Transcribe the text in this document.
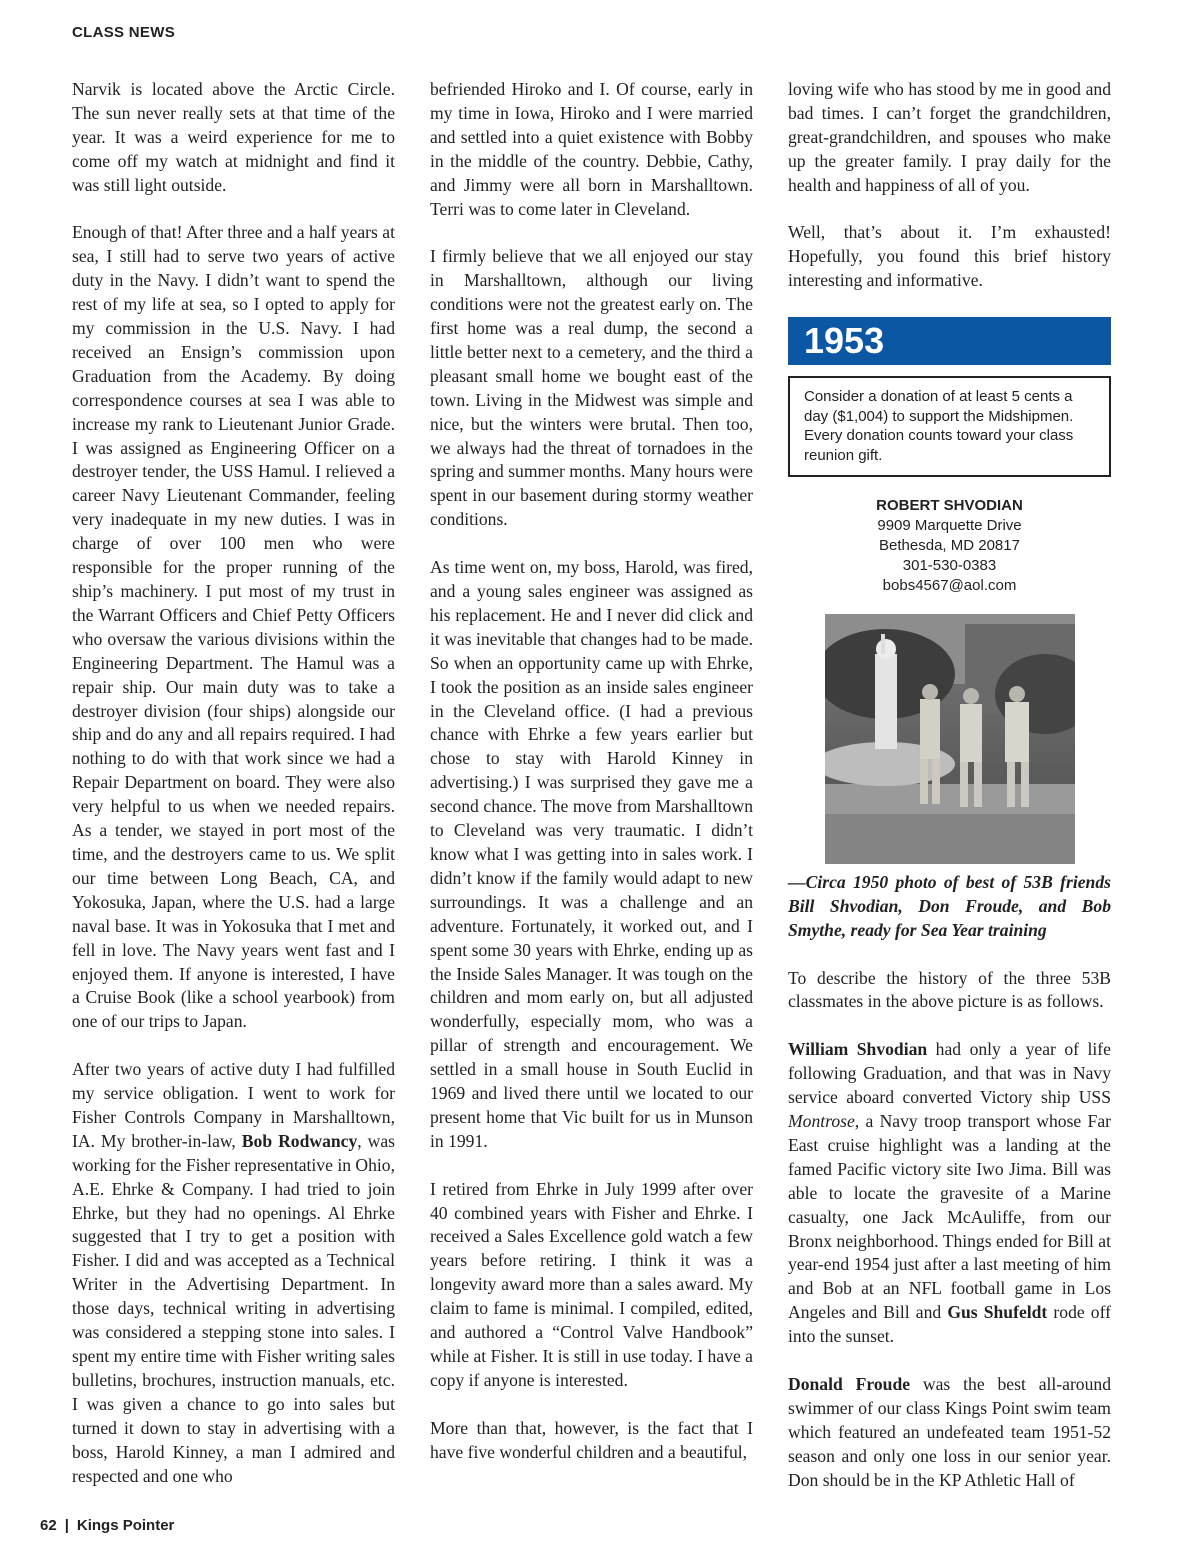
CLASS NEWS

Narvik is located above the Arctic Circle. The sun never really sets at that time of the year. It was a weird experience for me to come off my watch at midnight and find it was still light outside.

Enough of that! After three and a half years at sea, I still had to serve two years of active duty in the Navy. I didn’t want to spend the rest of my life at sea, so I opted to apply for my commission in the U.S. Navy. I had received an Ensign’s commission upon Graduation from the Academy. By doing correspondence courses at sea I was able to increase my rank to Lieutenant Junior Grade. I was assigned as Engineering Officer on a destroyer tender, the USS Hamul. I relieved a career Navy Lieutenant Commander, feeling very inadequate in my new duties. I was in charge of over 100 men who were responsible for the proper running of the ship’s machinery. I put most of my trust in the Warrant Officers and Chief Petty Officers who oversaw the various divisions within the Engineering Department. The Hamul was a repair ship. Our main duty was to take a destroyer division (four ships) alongside our ship and do any and all repairs required. I had nothing to do with that work since we had a Repair Department on board. They were also very helpful to us when we needed repairs. As a tender, we stayed in port most of the time, and the destroyers came to us. We split our time between Long Beach, CA, and Yokosuka, Japan, where the U.S. had a large naval base. It was in Yokosuka that I met and fell in love. The Navy years went fast and I enjoyed them. If anyone is interested, I have a Cruise Book (like a school yearbook) from one of our trips to Japan.

After two years of active duty I had fulfilled my service obligation. I went to work for Fisher Controls Company in Marshalltown, IA. My brother-in-law, Bob Rodwancy, was working for the Fisher representative in Ohio, A.E. Ehrke & Company. I had tried to join Ehrke, but they had no openings. Al Ehrke suggested that I try to get a position with Fisher. I did and was accepted as a Technical Writer in the Advertising Department. In those days, technical writing in advertising was considered a stepping stone into sales. I spent my entire time with Fisher writing sales bulletins, brochures, instruction manuals, etc. I was given a chance to go into sales but turned it down to stay in advertising with a boss, Harold Kinney, a man I admired and respected and one who

befriended Hiroko and I. Of course, early in my time in Iowa, Hiroko and I were married and settled into a quiet existence with Bobby in the middle of the country. Debbie, Cathy, and Jimmy were all born in Marshalltown. Terri was to come later in Cleveland.

I firmly believe that we all enjoyed our stay in Marshalltown, although our living conditions were not the greatest early on. The first home was a real dump, the second a little better next to a cemetery, and the third a pleasant small home we bought east of the town. Living in the Midwest was simple and nice, but the winters were brutal. Then too, we always had the threat of tornadoes in the spring and summer months. Many hours were spent in our basement during stormy weather conditions.

As time went on, my boss, Harold, was fired, and a young sales engineer was assigned as his replacement. He and I never did click and it was inevitable that changes had to be made. So when an opportunity came up with Ehrke, I took the position as an inside sales engineer in the Cleveland office. (I had a previous chance with Ehrke a few years earlier but chose to stay with Harold Kinney in advertising.) I was surprised they gave me a second chance. The move from Marshalltown to Cleveland was very traumatic. I didn’t know what I was getting into in sales work. I didn’t know if the family would adapt to new surroundings. It was a challenge and an adventure. Fortunately, it worked out, and I spent some 30 years with Ehrke, ending up as the Inside Sales Manager. It was tough on the children and mom early on, but all adjusted wonderfully, especially mom, who was a pillar of strength and encouragement. We settled in a small house in South Euclid in 1969 and lived there until we located to our present home that Vic built for us in Munson in 1991.

I retired from Ehrke in July 1999 after over 40 combined years with Fisher and Ehrke. I received a Sales Excellence gold watch a few years before retiring. I think it was a longevity award more than a sales award. My claim to fame is minimal. I compiled, edited, and authored a “Control Valve Handbook” while at Fisher. It is still in use today. I have a copy if anyone is interested.

More than that, however, is the fact that I have five wonderful children and a beautiful,

loving wife who has stood by me in good and bad times. I can’t forget the grandchildren, great-grandchildren, and spouses who make up the greater family. I pray daily for the health and happiness of all of you.

Well, that’s about it. I’m exhausted! Hopefully, you found this brief history interesting and informative.

1953
Consider a donation of at least 5 cents a day ($1,004) to support the Midshipmen. Every donation counts toward your class reunion gift.
ROBERT SHVODIAN
9909 Marquette Drive
Bethesda, MD 20817
301-530-0383
bobs4567@aol.com

—Circa 1950 photo of best of 53B friends Bill Shvodian, Don Froude, and Bob Smythe, ready for Sea Year training

To describe the history of the three 53B classmates in the above picture is as follows.

William Shvodian had only a year of life following Graduation, and that was in Navy service aboard converted Victory ship USS Montrose, a Navy troop transport whose Far East cruise highlight was a landing at the famed Pacific victory site Iwo Jima. Bill was able to locate the gravesite of a Marine casualty, one Jack McAuliffe, from our Bronx neighborhood. Things ended for Bill at year-end 1954 just after a last meeting of him and Bob at an NFL football game in Los Angeles and Bill and Gus Shufeldt rode off into the sunset.

Donald Froude was the best all-around swimmer of our class Kings Point swim team which featured an undefeated team 1951-52 season and only one loss in our senior year. Don should be in the KP Athletic Hall of

62 | Kings Pointer
